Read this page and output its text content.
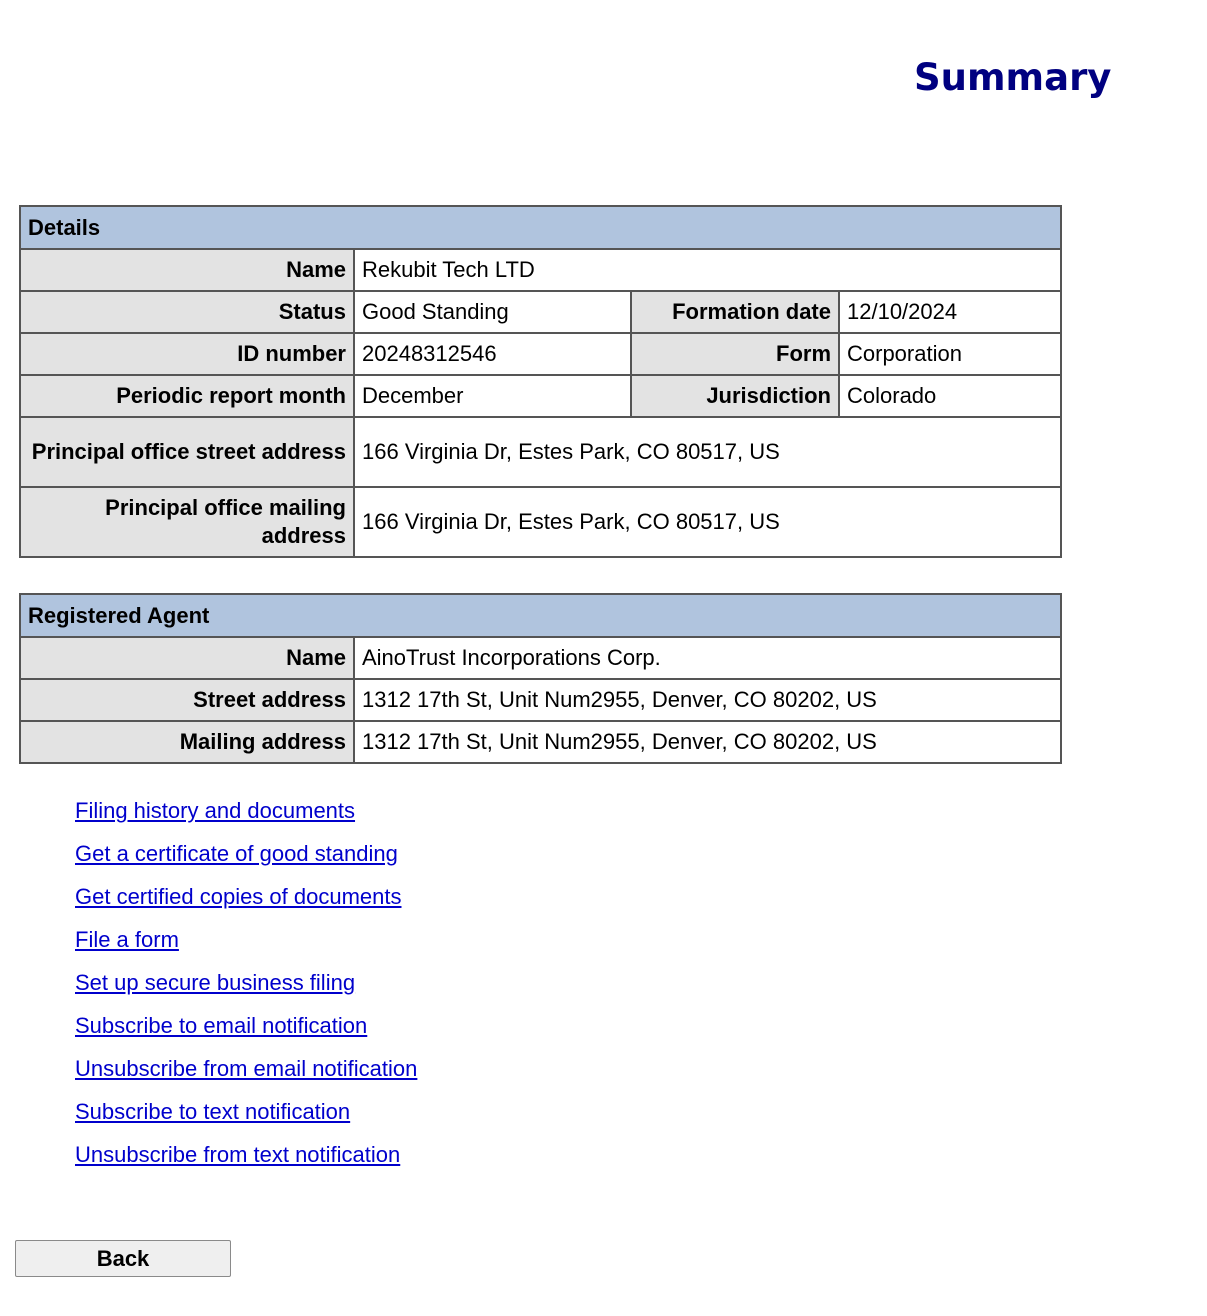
Summary
Details			
Name	Rekubit Tech LTD		
Status	Good Standing	Formation date	12/10/2024
ID number	20248312546	Form	Corporation
Periodic report month	December	Jurisdiction	Colorado
Principal office street address	166 Virginia Dr, Estes Park, CO 80517, US		
Principal office mailing address	166 Virginia Dr, Estes Park, CO 80517, US		
Registered Agent	
Name	AinoTrust Incorporations Corp.
Street address	1312 17th St, Unit Num2955, Denver, CO 80202, US
Mailing address	1312 17th St, Unit Num2955, Denver, CO 80202, US
Filing history and documents
Get a certificate of good standing
Get certified copies of documents
File a form
Set up secure business filing
Subscribe to email notification
Unsubscribe from email notification
Subscribe to text notification
Unsubscribe from text notification
Back
